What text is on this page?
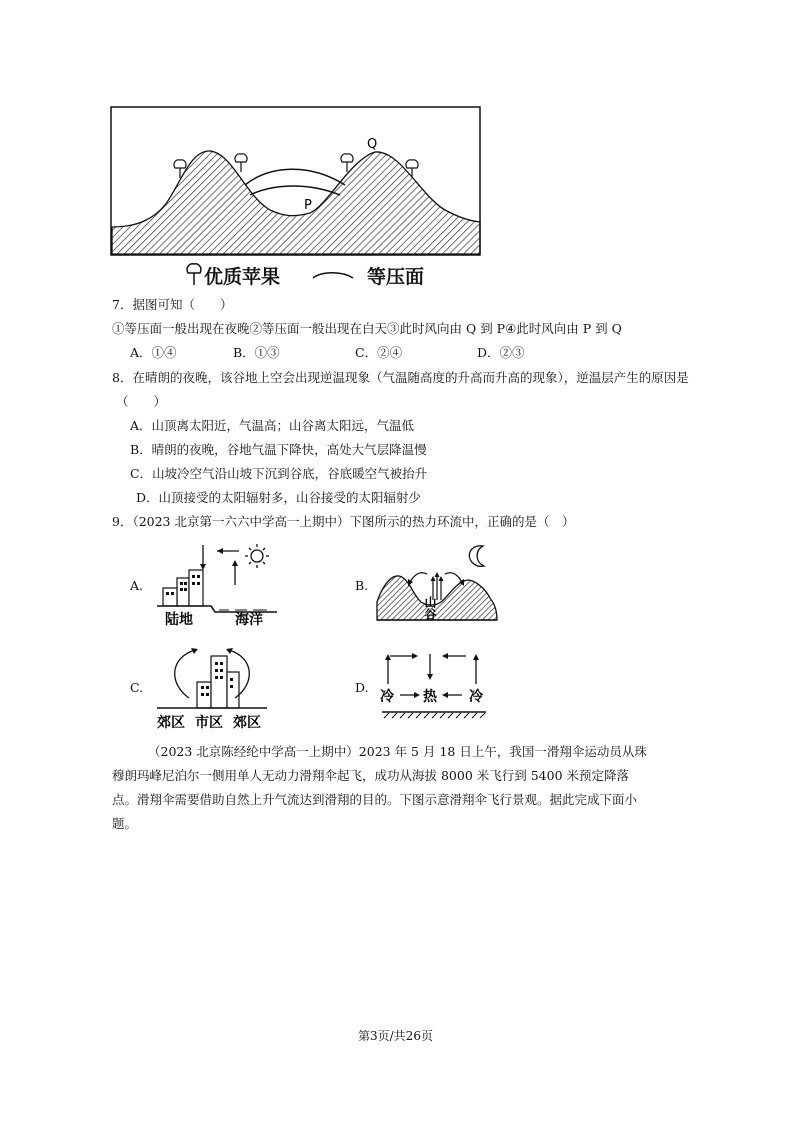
Q
P
优质苹果	等压面
7．据图可知（　　）
①等压面一般出现在夜晚②等压面一般出现在白天③此时风向由 Q 到 P④此时风向由 P 到 Q
A．①④	B．①③	C．②④	D．②③
8．在晴朗的夜晚，该谷地上空会出现逆温现象（气温随高度的升高而升高的现象），逆温层产生的原因是
（　　）
A．山顶离太阳近，气温高；山谷离太阳远，气温低
B．晴朗的夜晚，谷地气温下降快，高处大气层降温慢
C．山坡冷空气沿山坡下沉到谷底，谷底暖空气被抬升
D．山顶接受的太阳辐射多，山谷接受的太阳辐射少
9．（2023 北京第一六六中学高一上期中）下图所示的热力环流中，正确的是（　）
A.
陆地	海洋
B.
山谷
C.
郊区 市区 郊区
D.
冷 热 冷
（2023 北京陈经纶中学高一上期中）2023 年 5 月 18 日上午，我国一滑翔伞运动员从珠穆朗玛峰尼泊尔一侧用单人无动力滑翔伞起飞，成功从海拔 8000 米飞行到 5400 米预定降落点。滑翔伞需要借助自然上升气流达到滑翔的目的。下图示意滑翔伞飞行景观。据此完成下面小题。
第3页/共26页
